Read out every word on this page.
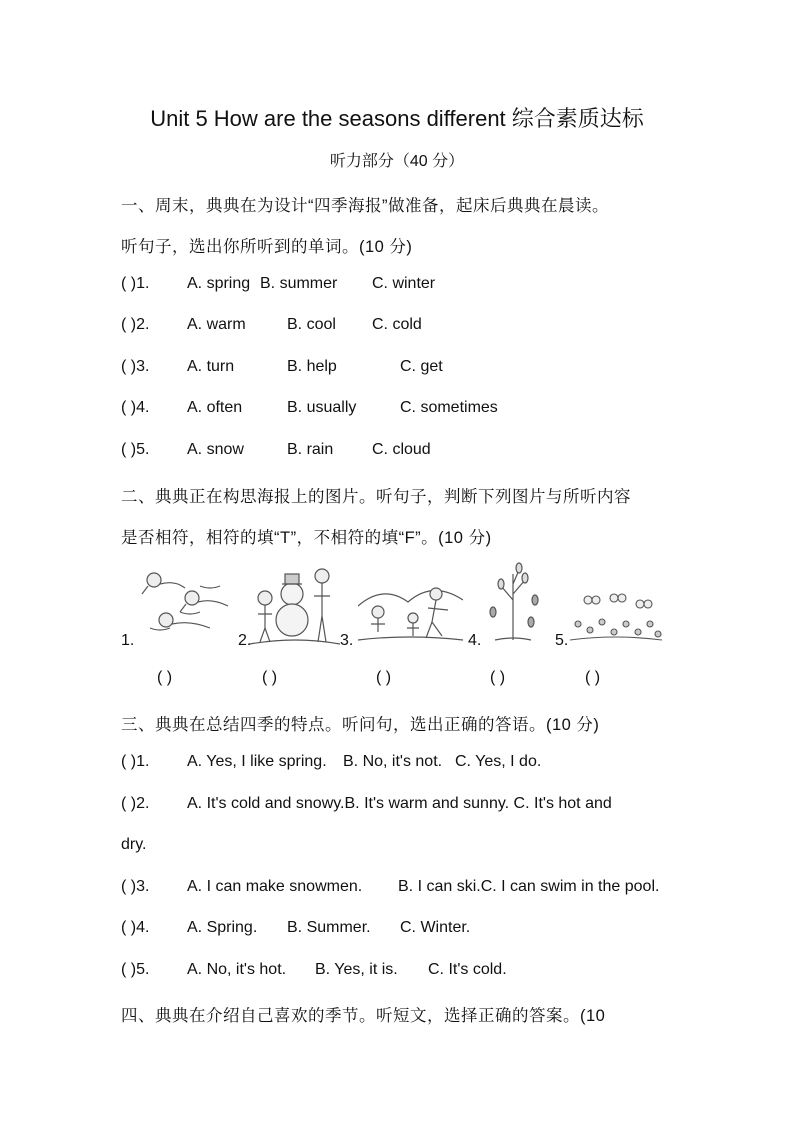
Unit 5 How are the seasons different 综合素质达标
听力部分（40 分）
一、周末，典典在为设计“四季海报”做准备，起床后典典在晨读。
听句子，选出你所听到的单词。(10 分)
( )1. A. spring B. summer C. winter
( )2. A. warm	B. cool C. cold
( )3. A. turn	B. help	C. get
( )4. A. often	B. usually	C. sometimes
( )5. A. snow	B. rain C. cloud
二、典典正在构思海报上的图片。听句子，判断下列图片与所听内容
是否相符，相符的填“T”，不相符的填“F”。(10 分)
1.	2.	3.	4.	5.
( )	( )	( )	( )	( )
三、典典在总结四季的特点。听问句，选出正确的答语。(10 分)
( )1. A. Yes, I like spring. B. No, it's not. C. Yes, I do.
( )2. A. It's cold and snowy.B. It's warm and sunny. C. It's hot and
dry.
( )3. A. I can make snowmen. B. I can ski.C. I can swim in the pool.
( )4. A. Spring. B. Summer. C. Winter.
( )5. A. No, it's hot. B. Yes, it is. C. It's cold.
四、典典在介绍自己喜欢的季节。听短文，选择正确的答案。(10
